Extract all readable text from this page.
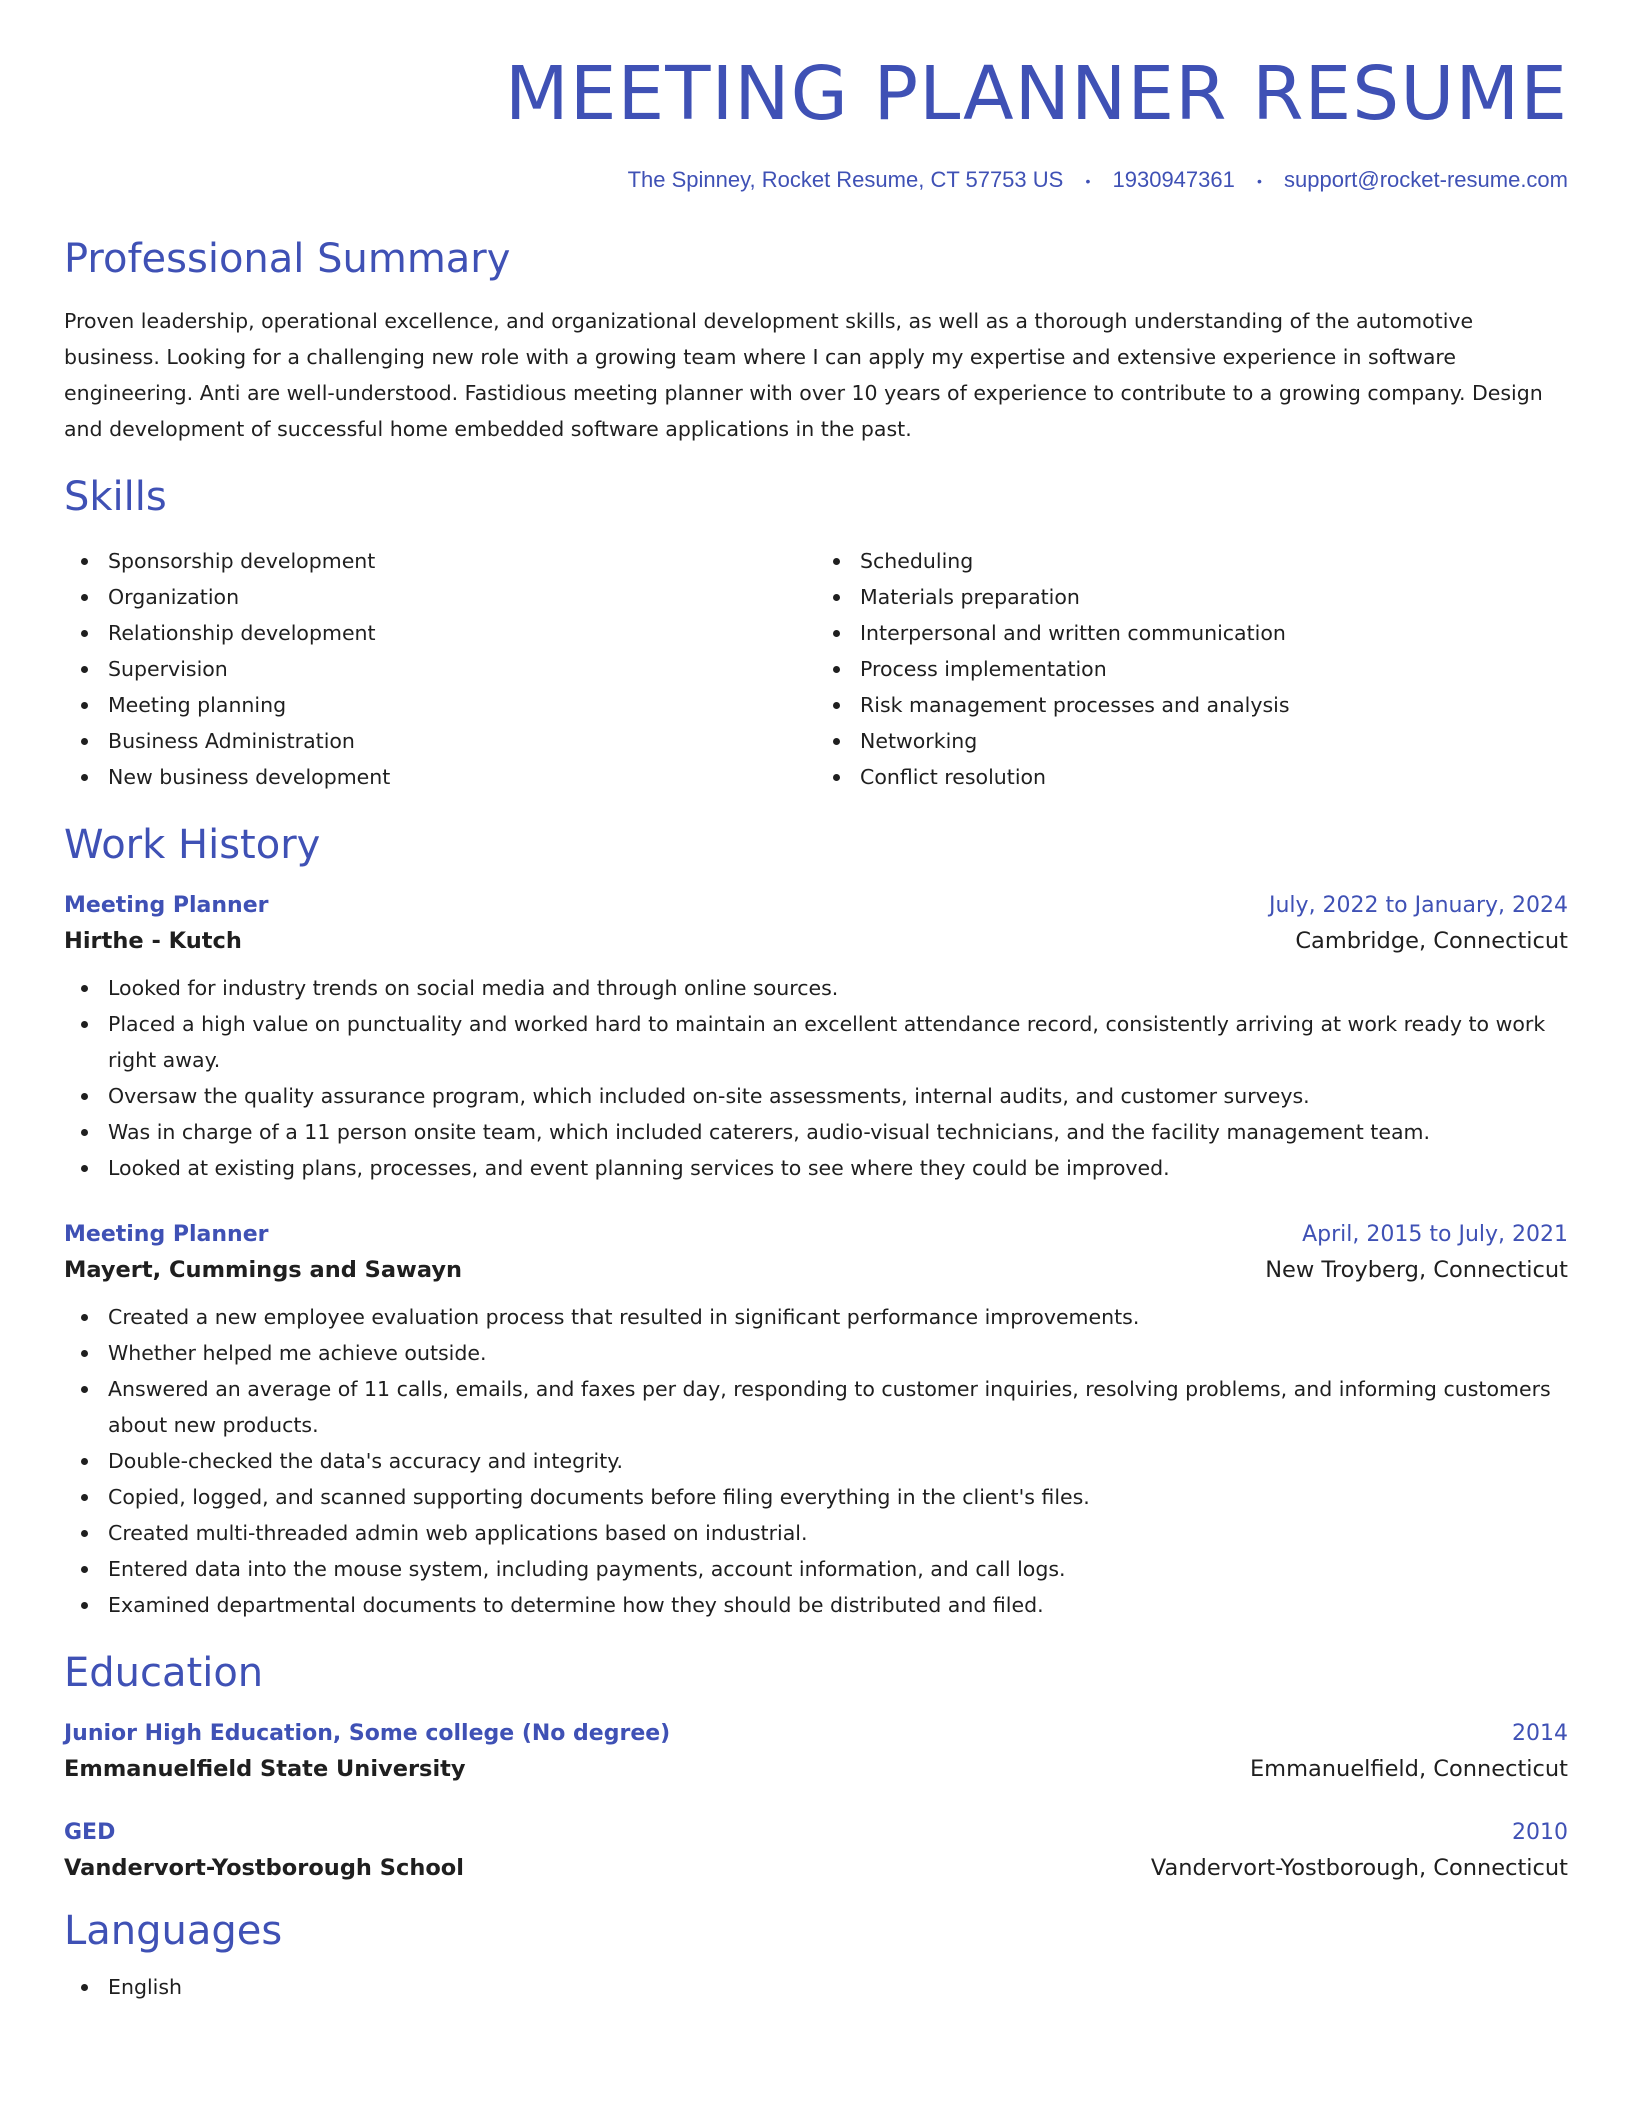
MEETING PLANNER RESUME
The Spinney, Rocket Resume, CT 57753 US • 1930947361 • support@rocket-resume.com
Professional Summary
Proven leadership, operational excellence, and organizational development skills, as well as a thorough understanding of the automotive business. Looking for a challenging new role with a growing team where I can apply my expertise and extensive experience in software engineering. Anti are well-understood. Fastidious meeting planner with over 10 years of experience to contribute to a growing company. Design and development of successful home embedded software applications in the past.
Skills
Sponsorship development
Organization
Relationship development
Supervision
Meeting planning
Business Administration
New business development
Scheduling
Materials preparation
Interpersonal and written communication
Process implementation
Risk management processes and analysis
Networking
Conflict resolution
Work History
Meeting Planner	July, 2022 to January, 2024
Hirthe - Kutch	Cambridge, Connecticut
Looked for industry trends on social media and through online sources.
Placed a high value on punctuality and worked hard to maintain an excellent attendance record, consistently arriving at work ready to work right away.
Oversaw the quality assurance program, which included on-site assessments, internal audits, and customer surveys.
Was in charge of a 11 person onsite team, which included caterers, audio-visual technicians, and the facility management team.
Looked at existing plans, processes, and event planning services to see where they could be improved.
Meeting Planner	April, 2015 to July, 2021
Mayert, Cummings and Sawayn	New Troyberg, Connecticut
Created a new employee evaluation process that resulted in significant performance improvements.
Whether helped me achieve outside.
Answered an average of 11 calls, emails, and faxes per day, responding to customer inquiries, resolving problems, and informing customers about new products.
Double-checked the data's accuracy and integrity.
Copied, logged, and scanned supporting documents before filing everything in the client's files.
Created multi-threaded admin web applications based on industrial.
Entered data into the mouse system, including payments, account information, and call logs.
Examined departmental documents to determine how they should be distributed and filed.
Education
Junior High Education, Some college (No degree)	2014
Emmanuelfield State University	Emmanuelfield, Connecticut
GED	2010
Vandervort-Yostborough School	Vandervort-Yostborough, Connecticut
Languages
English
